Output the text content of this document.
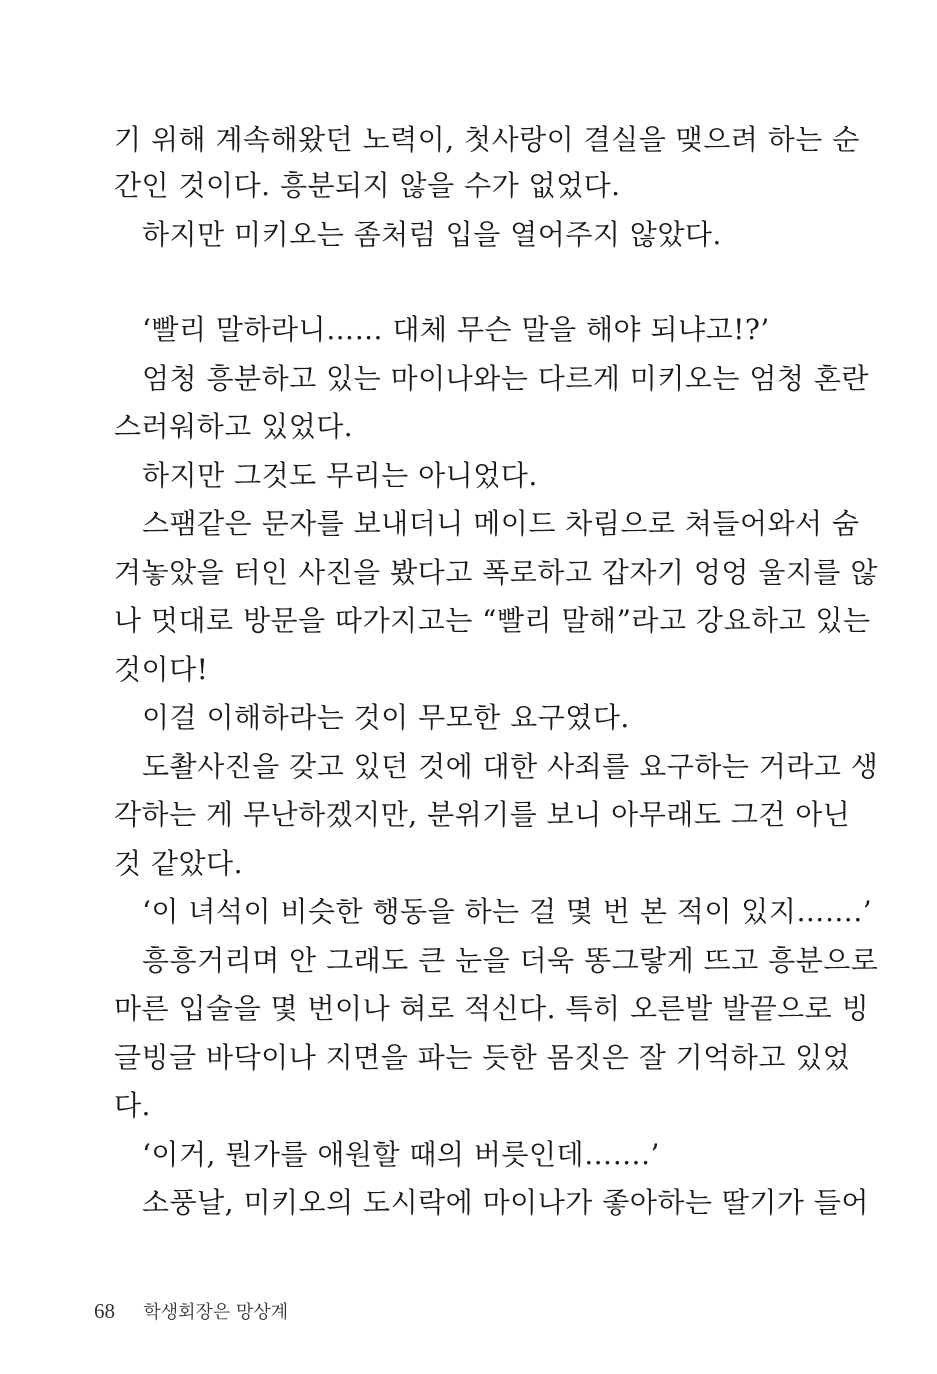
기 위해 계속해왔던 노력이, 첫사랑이 결실을 맺으려 하는 순
간인 것이다. 흥분되지 않을 수가 없었다.
하지만 미키오는 좀처럼 입을 열어주지 않았다.
‘빨리 말하라니…… 대체 무슨 말을 해야 되냐고!?’
엄청 흥분하고 있는 마이나와는 다르게 미키오는 엄청 혼란
스러워하고 있었다.
하지만 그것도 무리는 아니었다.
스팸같은 문자를 보내더니 메이드 차림으로 쳐들어와서 숨
겨놓았을 터인 사진을 봤다고 폭로하고 갑자기 엉엉 울지를 않
나 멋대로 방문을 따가지고는 “빨리 말해”라고 강요하고 있는
것이다!
이걸 이해하라는 것이 무모한 요구였다.
도촬사진을 갖고 있던 것에 대한 사죄를 요구하는 거라고 생
각하는 게 무난하겠지만, 분위기를 보니 아무래도 그건 아닌
것 같았다.
‘이 녀석이 비슷한 행동을 하는 걸 몇 번 본 적이 있지…….’
흥흥거리며 안 그래도 큰 눈을 더욱 똥그랗게 뜨고 흥분으로
마른 입술을 몇 번이나 혀로 적신다. 특히 오른발 발끝으로 빙
글빙글 바닥이나 지면을 파는 듯한 몸짓은 잘 기억하고 있었
다.
‘이거, 뭔가를 애원할 때의 버릇인데…….’
소풍날, 미키오의 도시락에 마이나가 좋아하는 딸기가 들어
68 학생회장은 망상계
